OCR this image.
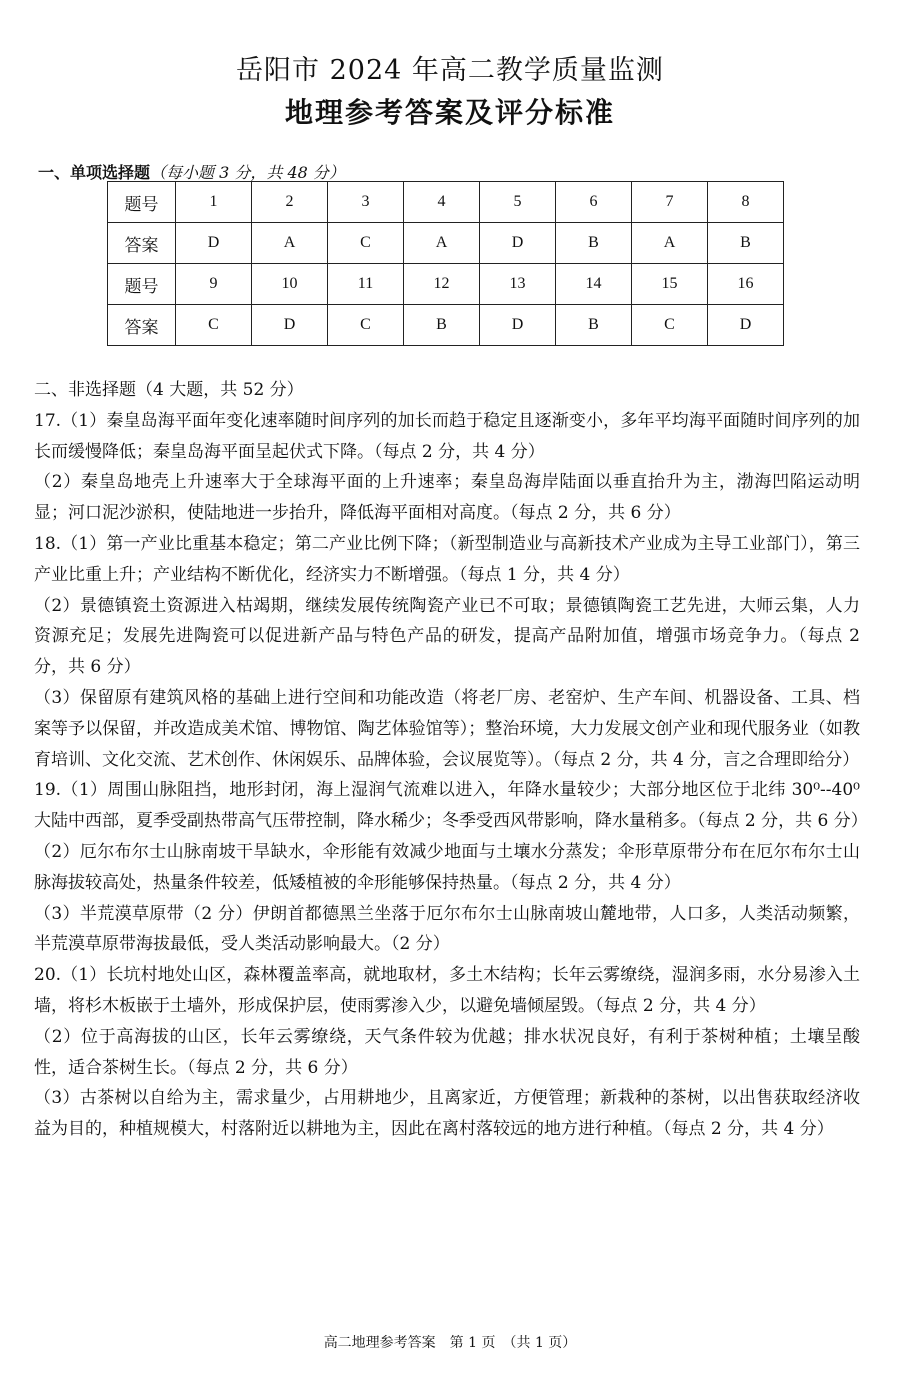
岳阳市 2024 年高二教学质量监测
地理参考答案及评分标准
一、单项选择题（每小题 3 分，共 48 分）
题号	1	2	3	4	5	6	7	8
答案	D	A	C	A	D	B	A	B
题号	9	10	11	12	13	14	15	16
答案	C	D	C	B	D	B	C	D

二、非选择题（4 大题，共 52 分）

17.（1）秦皇岛海平面年变化速率随时间序列的加长而趋于稳定且逐渐变小，多年平均海平面随时间序列的加长而缓慢降低；秦皇岛海平面呈起伏式下降。（每点 2 分，共 4 分）

（2）秦皇岛地壳上升速率大于全球海平面的上升速率；秦皇岛海岸陆面以垂直抬升为主，渤海凹陷运动明显；河口泥沙淤积，使陆地进一步抬升，降低海平面相对高度。（每点 2 分，共 6 分）

18.（1）第一产业比重基本稳定；第二产业比例下降；（新型制造业与高新技术产业成为主导工业部门），第三产业比重上升；产业结构不断优化，经济实力不断增强。（每点 1 分，共 4 分）

（2）景德镇瓷土资源进入枯竭期，继续发展传统陶瓷产业已不可取；景德镇陶瓷工艺先进，大师云集，人力资源充足；发展先进陶瓷可以促进新产品与特色产品的研发，提高产品附加值，增强市场竞争力。（每点 2 分，共 6 分）

（3）保留原有建筑风格的基础上进行空间和功能改造（将老厂房、老窑炉、生产车间、机器设备、工具、档案等予以保留，并改造成美术馆、博物馆、陶艺体验馆等）；整治环境，大力发展文创产业和现代服务业（如教育培训、文化交流、艺术创作、休闲娱乐、品牌体验，会议展览等）。（每点 2 分，共 4 分，言之合理即给分）

19.（1）周围山脉阻挡，地形封闭，海上湿润气流难以进入，年降水量较少；大部分地区位于北纬 30⁰--40⁰ 大陆中西部，夏季受副热带高气压带控制，降水稀少；冬季受西风带影响，降水量稍多。（每点 2 分，共 6 分）

（2）厄尔布尔士山脉南坡干旱缺水，伞形能有效减少地面与土壤水分蒸发；伞形草原带分布在厄尔布尔士山脉海拔较高处，热量条件较差，低矮植被的伞形能够保持热量。（每点 2 分，共 4 分）

（3）半荒漠草原带（2 分）伊朗首都德黑兰坐落于厄尔布尔士山脉南坡山麓地带，人口多，人类活动频繁，半荒漠草原带海拔最低，受人类活动影响最大。（2 分）

20.（1）长坑村地处山区，森林覆盖率高，就地取材，多土木结构；长年云雾缭绕，湿润多雨，水分易渗入土墙，将杉木板嵌于土墙外，形成保护层，使雨雾渗入少，以避免墙倾屋毁。（每点 2 分，共 4 分）

（2）位于高海拔的山区，长年云雾缭绕，天气条件较为优越；排水状况良好，有利于茶树种植；土壤呈酸性，适合茶树生长。（每点 2 分，共 6 分）

（3）古茶树以自给为主，需求量少，占用耕地少，且离家近，方便管理；新栽种的茶树，以出售获取经济收益为目的，种植规模大，村落附近以耕地为主，因此在离村落较远的地方进行种植。（每点 2 分，共 4 分）

高二地理参考答案　第 1 页　（共 1 页）
